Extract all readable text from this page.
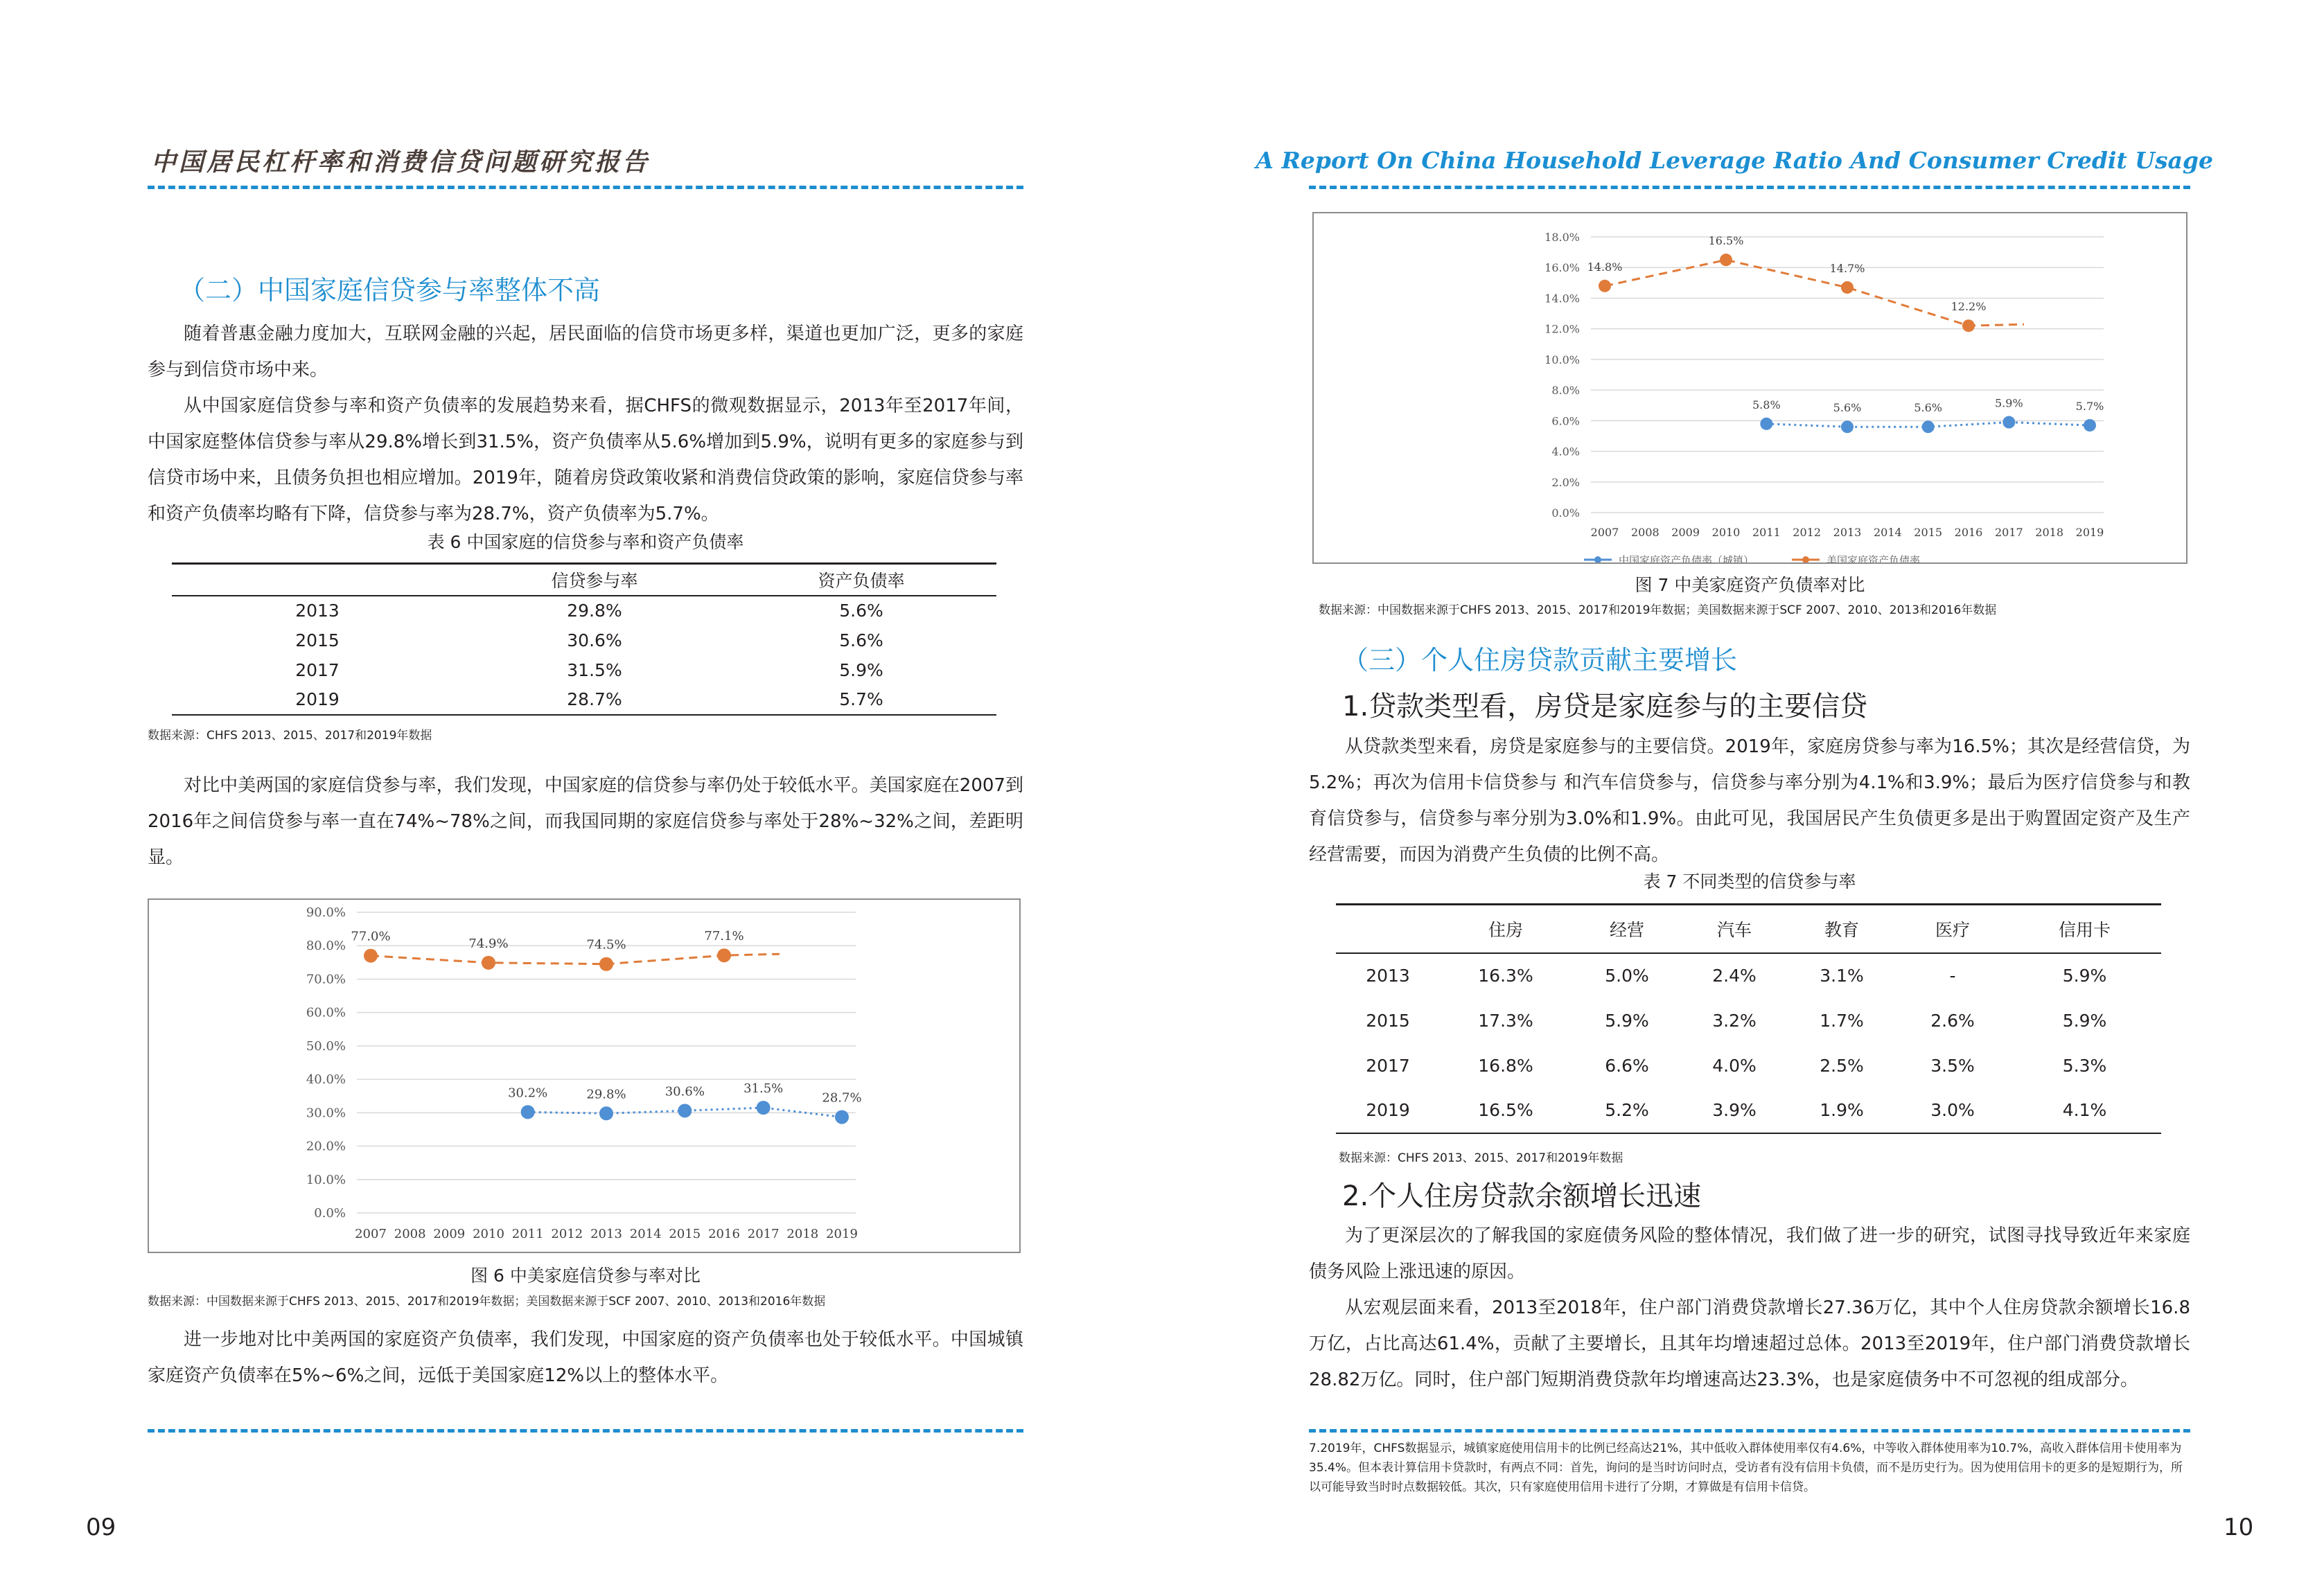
中国居民杠杆率和消费信贷问题研究报告
（二）中国家庭信贷参与率整体不高

随着普惠金融力度加大，互联网金融的兴起，居民面临的信贷市场更多样，渠道也更加广泛，更多的家庭参与到信贷市场中来。

从中国家庭信贷参与率和资产负债率的发展趋势来看，据CHFS的微观数据显示，2013年至2017年间，中国家庭整体信贷参与率从29.8%增长到31.5%，资产负债率从5.6%增加到5.9%，说明有更多的家庭参与到信贷市场中来，且债务负担也相应增加。2019年，随着房贷政策收紧和消费信贷政策的影响，家庭信贷参与率和资产负债率均略有下降，信贷参与率为28.7%，资产负债率为5.7%。

表 6 中国家庭的信贷参与率和资产负债率
	信贷参与率	资产负债率
2013	29.8%	5.6%
2015	30.6%	5.6%
2017	31.5%	5.9%
2019	28.7%	5.7%
数据来源：CHFS 2013、2015、2017和2019年数据

对比中美两国的家庭信贷参与率，我们发现，中国家庭的信贷参与率仍处于较低水平。美国家庭在2007到2016年之间信贷参与率一直在74%~78%之间，而我国同期的家庭信贷参与率处于28%~32%之间，差距明显。

0.0%
10.0%
20.0%
30.0%
40.0%
50.0%
60.0%
70.0%
80.0%
90.0%
2007 2008 2009 2010 2011 2012 2013 2014 2015 2016 2017 2018 2019
77.0%	74.9%	74.5%
77.1%
30.2%	29.8%	30.6%	31.5%
28.7%
图 6 中美家庭信贷参与率对比
数据来源：中国数据来源于CHFS 2013、2015、2017和2019年数据；美国数据来源于SCF 2007、2010、2013和2016年数据

进一步地对比中美两国的家庭资产负债率，我们发现，中国家庭的资产负债率也处于较低水平。中国城镇家庭资产负债率在5%~6%之间，远低于美国家庭12%以上的整体水平。

09
A Report On China Household Leverage Ratio And Consumer Credit Usage
0.0%
2.0%
4.0%
6.0%
8.0%
10.0%
12.0%
14.0%
16.0%
18.0%
2007 2008 2009 2010 2011 2012 2013 2014 2015 2016 2017 2018 2019
5.8%	5.6%	5.6%	5.9%	5.7%
14.8%
16.5%
14.7%
12.2%
中国家庭资产负债率（城镇）	美国家庭资产负债率
图 7 中美家庭资产负债率对比
数据来源：中国数据来源于CHFS 2013、2015、2017和2019年数据；美国数据来源于SCF 2007、2010、2013和2016年数据
（三）个人住房贷款贡献主要增长
1.贷款类型看，房贷是家庭参与的主要信贷

从贷款类型来看，房贷是家庭参与的主要信贷。2019年，家庭房贷参与率为16.5%；其次是经营信贷，为5.2%；再次为信用卡信贷参与 和汽车信贷参与，信贷参与率分别为4.1%和3.9%；最后为医疗信贷参与和教育信贷参与，信贷参与率分别为3.0%和1.9%。由此可见，我国居民产生负债更多是出于购置固定资产及生产经营需要，而因为消费产生负债的比例不高。

表 7 不同类型的信贷参与率
	住房	经营	汽车	教育	医疗	信用卡
2013	16.3%	5.0%	2.4%	3.1%	-	5.9%
2015	17.3%	5.9%	3.2%	1.7%	2.6%	5.9%
2017	16.8%	6.6%	4.0%	2.5%	3.5%	5.3%
2019	16.5%	5.2%	3.9%	1.9%	3.0%	4.1%
数据来源：CHFS 2013、2015、2017和2019年数据
2.个人住房贷款余额增长迅速

为了更深层次的了解我国的家庭债务风险的整体情况，我们做了进一步的研究，试图寻找导致近年来家庭债务风险上涨迅速的原因。

从宏观层面来看，2013至2018年，住户部门消费贷款增长27.36万亿，其中个人住房贷款余额增长16.8万亿，占比高达61.4%，贡献了主要增长，且其年均增速超过总体。2013至2019年，住户部门消费贷款增长28.82万亿。同时，住户部门短期消费贷款年均增速高达23.3%，也是家庭债务中不可忽视的组成部分。

7.2019年，CHFS数据显示，城镇家庭使用信用卡的比例已经高达21%，其中低收入群体使用率仅有4.6%，中等收入群体使用率为10.7%，高收入群体信用卡使用率为35.4%。但本表计算信用卡贷款时，有两点不同：首先，询问的是当时访问时点，受访者有没有信用卡负债，而不是历史行为。因为使用信用卡的更多的是短期行为，所以可能导致当时时点数据较低。其次，只有家庭使用信用卡进行了分期，才算做是有信用卡信贷。
10
